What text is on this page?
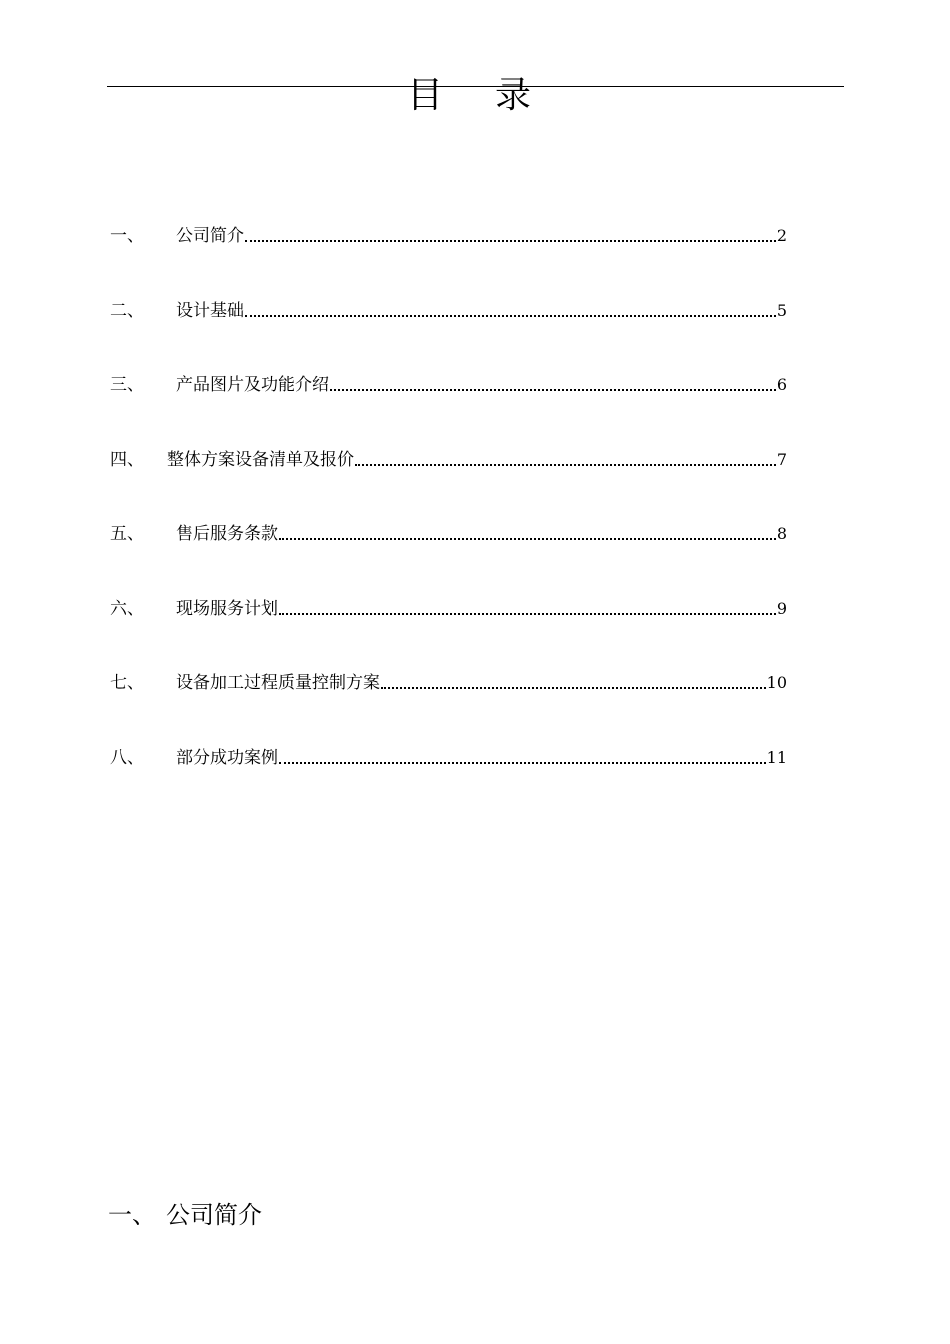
目录
一、	公司简介	2
二、	设计基础	5
三、	产品图片及功能介绍	6
四、	整体方案设备清单及报价	7
五、	售后服务条款	8
六、	现场服务计划	9
七、	设备加工过程质量控制方案	10
八、	部分成功案例	11
一、 公司简介
